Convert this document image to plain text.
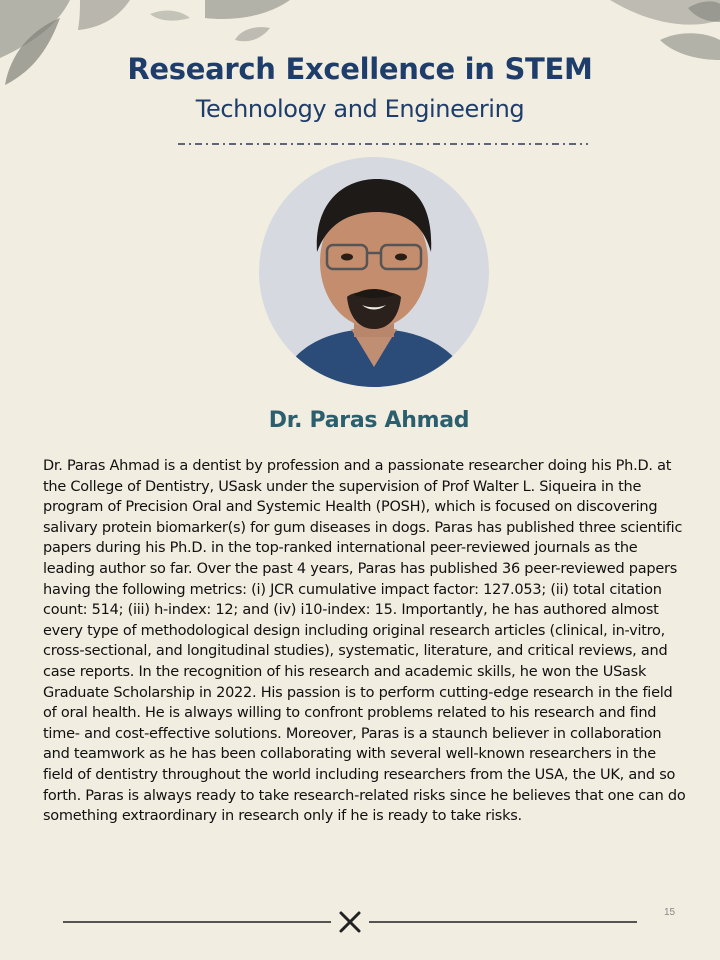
Research Excellence in STEM
Technology and Engineering
Dr. Paras Ahmad

Dr. Paras Ahmad is a dentist by profession and a passionate researcher doing his Ph.D. at the College of Dentistry, USask under the supervision of Prof Walter L. Siqueira in the program of Precision Oral and Systemic Health (POSH), which is focused on discovering salivary protein biomarker(s) for gum diseases in dogs. Paras has published three scientific papers during his Ph.D. in the top-ranked international peer-reviewed journals as the leading author so far. Over the past 4 years, Paras has published 36 peer-reviewed papers having the following metrics: (i) JCR cumulative impact factor: 127.053; (ii) total citation count: 514; (iii) h-index: 12; and (iv) i10-index: 15. Importantly, he has authored almost every type of methodological design including original research articles (clinical, in-vitro, cross-sectional, and longitudinal studies), systematic, literature, and critical reviews, and case reports. In the recognition of his research and academic skills, he won the USask Graduate Scholarship in 2022. His passion is to perform cutting-edge research in the field of oral health. He is always willing to confront problems related to his research and find time- and cost-effective solutions. Moreover, Paras is a staunch believer in collaboration and teamwork as he has been collaborating with several well-known researchers in the field of dentistry throughout the world including researchers from the USA, the UK, and so forth. Paras is always ready to take research-related risks since he believes that one can do something extraordinary in research only if he is ready to take risks.

15
